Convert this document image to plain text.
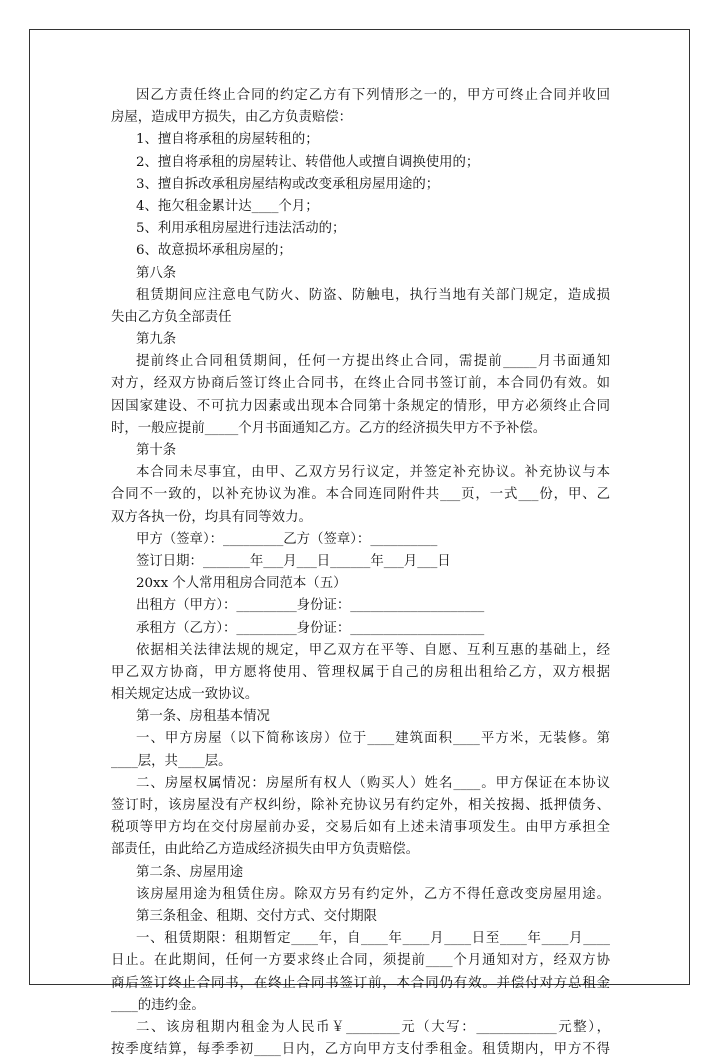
因乙方责任终止合同的约定乙方有下列情形之一的，甲方可终止合同并收回
房屋，造成甲方损失，由乙方负责赔偿：
1、擅自将承租的房屋转租的；
2、擅自将承租的房屋转让、转借他人或擅自调换使用的；
3、擅自拆改承租房屋结构或改变承租房屋用途的；
4、拖欠租金累计达____个月；
5、利用承租房屋进行违法活动的；
6、故意损坏承租房屋的；
第八条
租赁期间应注意电气防火、防盗、防触电，执行当地有关部门规定，造成损
失由乙方负全部责任
第九条
提前终止合同租赁期间，任何一方提出终止合同，需提前_____月书面通知
对方，经双方协商后签订终止合同书，在终止合同书签订前，本合同仍有效。如
因国家建设、不可抗力因素或出现本合同第十条规定的情形，甲方必须终止合同
时，一般应提前_____个月书面通知乙方。乙方的经济损失甲方不予补偿。
第十条
本合同未尽事宜，由甲、乙双方另行议定，并签定补充协议。补充协议与本
合同不一致的，以补充协议为准。本合同连同附件共___页，一式___份，甲、乙
双方各执一份，均具有同等效力。
甲方（签章）：_________乙方（签章）：__________
签订日期：_______年___月___日______年___月___日
20xx 个人常用租房合同范本（五）
出租方（甲方）：_________身份证：____________________
承租方（乙方）：_________身份证：____________________
依据相关法律法规的规定，甲乙双方在平等、自愿、互利互惠的基础上，经
甲乙双方协商，甲方愿将使用、管理权属于自己的房租出租给乙方，双方根据
相关规定达成一致协议。
第一条、房租基本情况
一、甲方房屋（以下简称该房）位于____建筑面积____平方米，无装修。第
____层，共____层。
二、房屋权属情况：房屋所有权人（购买人）姓名____。甲方保证在本协议
签订时，该房屋没有产权纠纷，除补充协议另有约定外，相关按揭、抵押债务、
税项等甲方均在交付房屋前办妥，交易后如有上述未清事项发生。由甲方承担全
部责任，由此给乙方造成经济损失由甲方负责赔偿。
第二条、房屋用途
该房屋用途为租赁住房。除双方另有约定外，乙方不得任意改变房屋用途。
第三条租金、租期、交付方式、交付期限
一、租赁期限：租期暂定____年，自____年____月____日至____年____月____
日止。在此期间，任何一方要求终止合同，须提前____个月通知对方，经双方协
商后签订终止合同书，在终止合同书签订前，本合同仍有效。并偿付对方总租金
____的违约金。
二、该房租期内租金为人民币￥________元（大写：____________元整），
按季度结算，每季季初____日内，乙方向甲方支付季租金。租赁期内，甲方不得
